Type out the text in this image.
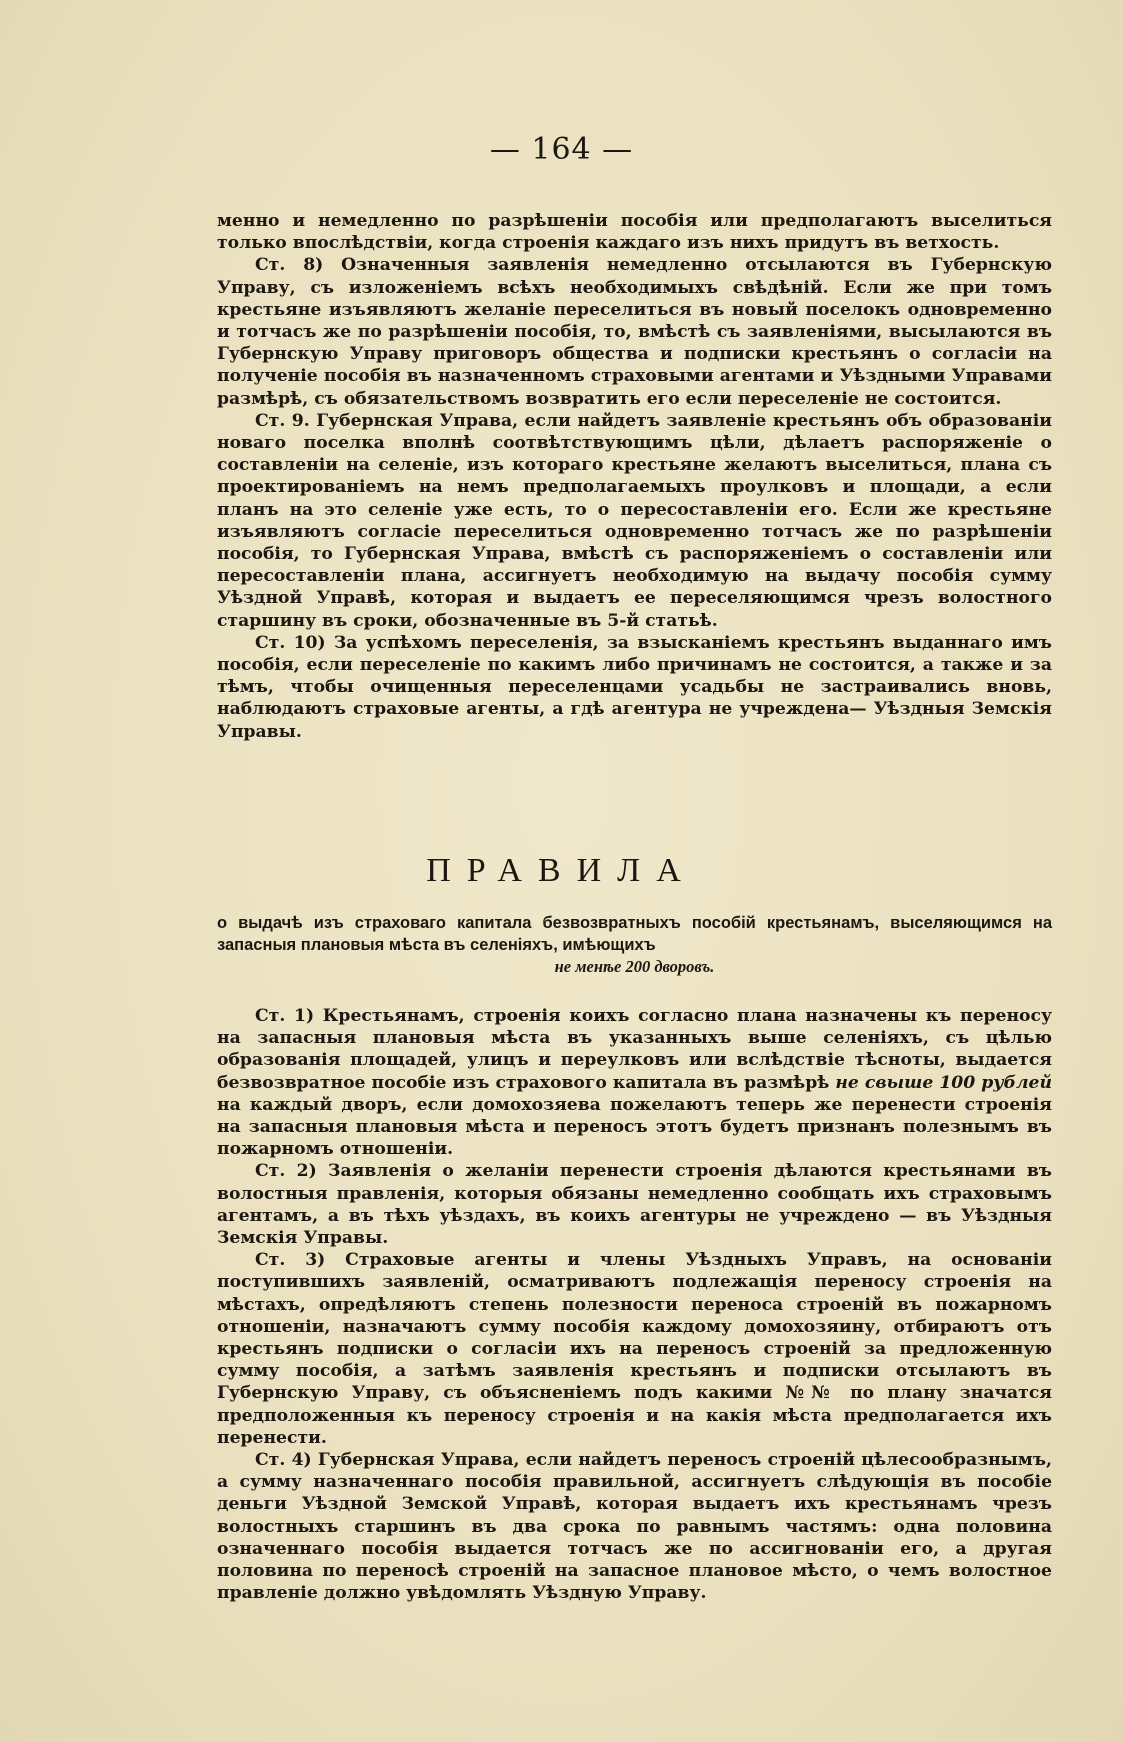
— 164 —

менно и немедленно по разрѣшеніи пособія или предполагаютъ выселиться только впослѣдствіи, когда строенія каждаго изъ нихъ придутъ въ ветхость.

Ст. 8) Означенныя заявленія немедленно отсылаются въ Губернскую Управу, съ изложеніемъ всѣхъ необходимыхъ свѣдѣній. Если же при томъ крестьяне изъявляютъ желаніе переселиться въ новый поселокъ одновременно и тотчасъ же по разрѣшеніи пособія, то, вмѣстѣ съ заявленіями, высылаются въ Губернскую Управу приговоръ общества и подписки крестьянъ о согласіи на полученіе пособія въ назначенномъ страховыми агентами и Уѣздными Управами размѣрѣ, съ обязательствомъ возвратить его если переселеніе не состоится.

Ст. 9. Губернская Управа, если найдетъ заявленіе крестьянъ объ образованіи новаго поселка вполнѣ соотвѣтствующимъ цѣли, дѣлаетъ распоряженіе о составленіи на селеніе, изъ котораго крестьяне желаютъ выселиться, плана съ проектированіемъ на немъ предполагаемыхъ проулковъ и площади, а если планъ на это селеніе уже есть, то о пересоставленіи его. Если же крестьяне изъявляютъ согласіе переселиться одновременно тотчасъ же по разрѣшеніи пособія, то Губернская Управа, вмѣстѣ съ распоряженіемъ о составленіи или пересоставленіи плана, ассигнуетъ необходимую на выдачу пособія сумму Уѣздной Управѣ, которая и выдаетъ ее переселяющимся чрезъ волостного старшину въ сроки, обозначенные въ 5-й статьѣ.

Ст. 10) За успѣхомъ переселенія, за взысканіемъ крестьянъ выданнаго имъ пособія, если переселеніе по какимъ либо причинамъ не состоится, а также и за тѣмъ, чтобы очищенныя переселенцами усадьбы не застраивались вновь, наблюдаютъ страховые агенты, а гдѣ агентура не учреждена— Уѣздныя Земскія Управы.

ПРАВИЛА
о выдачѣ изъ страховаго капитала безвозвратныхъ пособій крестьянамъ, выселяющимся на запасныя плановыя мѣста въ селеніяхъ, имѣющихъ
не менѣе 200 дворовъ.

Ст. 1) Крестьянамъ, строенія коихъ согласно плана назначены къ переносу на запасныя плановыя мѣста въ указанныхъ выше селеніяхъ, съ цѣлью образованія площадей, улицъ и переулковъ или вслѣдствіе тѣсноты, выдается безвозвратное пособіе изъ страхового капитала въ размѣрѣ не свыше 100 рублей на каждый дворъ, если домохозяева пожелаютъ теперь же перенести строенія на запасныя плановыя мѣста и переносъ этотъ будетъ признанъ полезнымъ въ пожарномъ отношеніи.

Ст. 2) Заявленія о желаніи перенести строенія дѣлаются крестьянами въ волостныя правленія, которыя обязаны немедленно сообщать ихъ страховымъ агентамъ, а въ тѣхъ уѣздахъ, въ коихъ агентуры не учреждено — въ Уѣздныя Земскія Управы.

Ст. 3) Страховые агенты и члены Уѣздныхъ Управъ, на основаніи поступившихъ заявленій, осматриваютъ подлежащія переносу строенія на мѣстахъ, опредѣляютъ степень полезности переноса строеній въ пожарномъ отношеніи, назначаютъ сумму пособія каждому домохозяину, отбираютъ отъ крестьянъ подписки о согласіи ихъ на переносъ строеній за предложенную сумму пособія, а затѣмъ заявленія крестьянъ и подписки отсылаютъ въ Губернскую Управу, съ объясненіемъ подъ какими №№ по плану значатся предположенныя къ переносу строенія и на какія мѣста предполагается ихъ перенести.

Ст. 4) Губернская Управа, если найдетъ переносъ строеній цѣлесообразнымъ, а сумму назначеннаго пособія правильной, ассигнуетъ слѣдующія въ пособіе деньги Уѣздной Земской Управѣ, которая выдаетъ ихъ крестьянамъ чрезъ волостныхъ старшинъ въ два срока по равнымъ частямъ: одна половина означеннаго пособія выдается тотчасъ же по ассигнованіи его, а другая половина по переносѣ строеній на запасное плановое мѣсто, о чемъ волостное правленіе должно увѣдомлять Уѣздную Управу.
